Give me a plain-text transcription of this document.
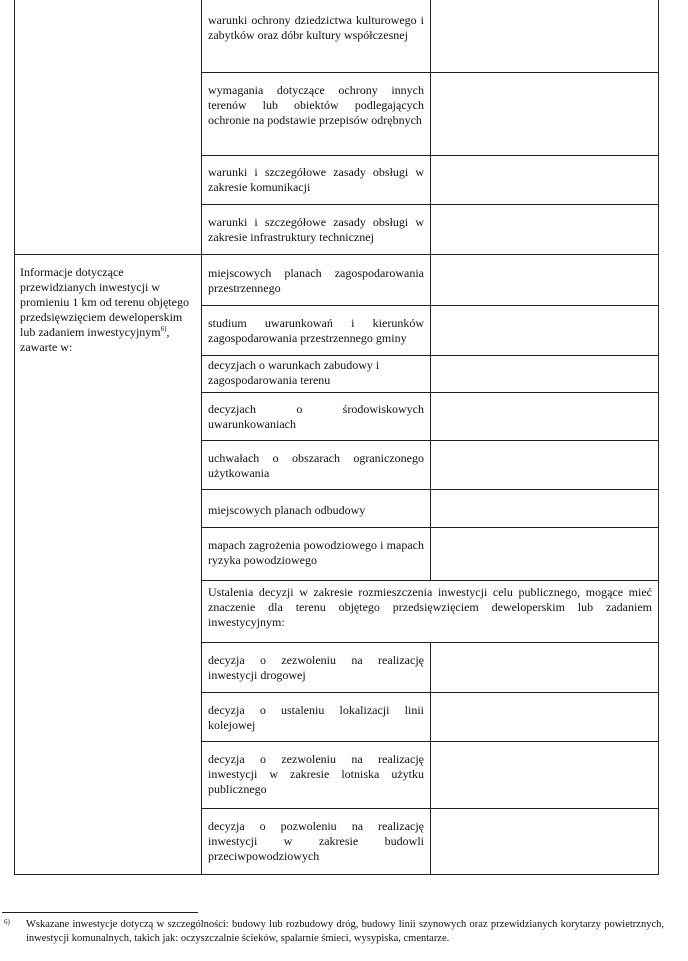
warunki ochrony dziedzictwa kulturowego i zabytków oraz dóbr kultury współczesnej
wymagania dotyczące ochrony innych terenów lub obiektów podlegających ochronie na podstawie przepisów odrębnych
warunki i szczegółowe zasady obsługi w zakresie komunikacji
warunki i szczegółowe zasady obsługi w zakresie infrastruktury technicznej
Informacje dotyczące przewidzianych inwestycji w promieniu 1 km od terenu objętego przedsięwzięciem deweloperskim lub zadaniem inwestycyjnym$^{6)}$, zawarte w:
miejscowych planach zagospodarowania przestrzennego
studium uwarunkowań i kierunków zagospodarowania przestrzennego gminy
decyzjach o warunkach zabudowy i zagospodarowania terenu
decyzjach o środowiskowych uwarunkowaniach
uchwałach o obszarach ograniczonego użytkowania
miejscowych planach odbudowy
mapach zagrożenia powodziowego i mapach ryzyka powodziowego
Ustalenia decyzji w zakresie rozmieszczenia inwestycji celu publicznego, mogące mieć znaczenie dla terenu objętego przedsięwzięciem deweloperskim lub zadaniem inwestycyjnym:
decyzja o zezwoleniu na realizację inwestycji drogowej
decyzja o ustaleniu lokalizacji linii kolejowej
decyzja o zezwoleniu na realizację inwestycji w zakresie lotniska użytku publicznego
decyzja o pozwoleniu na realizację inwestycji w zakresie budowli przeciwpowodziowych
6)	Wskazane inwestycje dotyczą w szczególności: budowy lub rozbudowy dróg, budowy linii szynowych oraz przewidzianych korytarzy powietrznych, inwestycji komunalnych, takich jak: oczyszczalnie ścieków, spalarnie śmieci, wysypiska, cmentarze.
